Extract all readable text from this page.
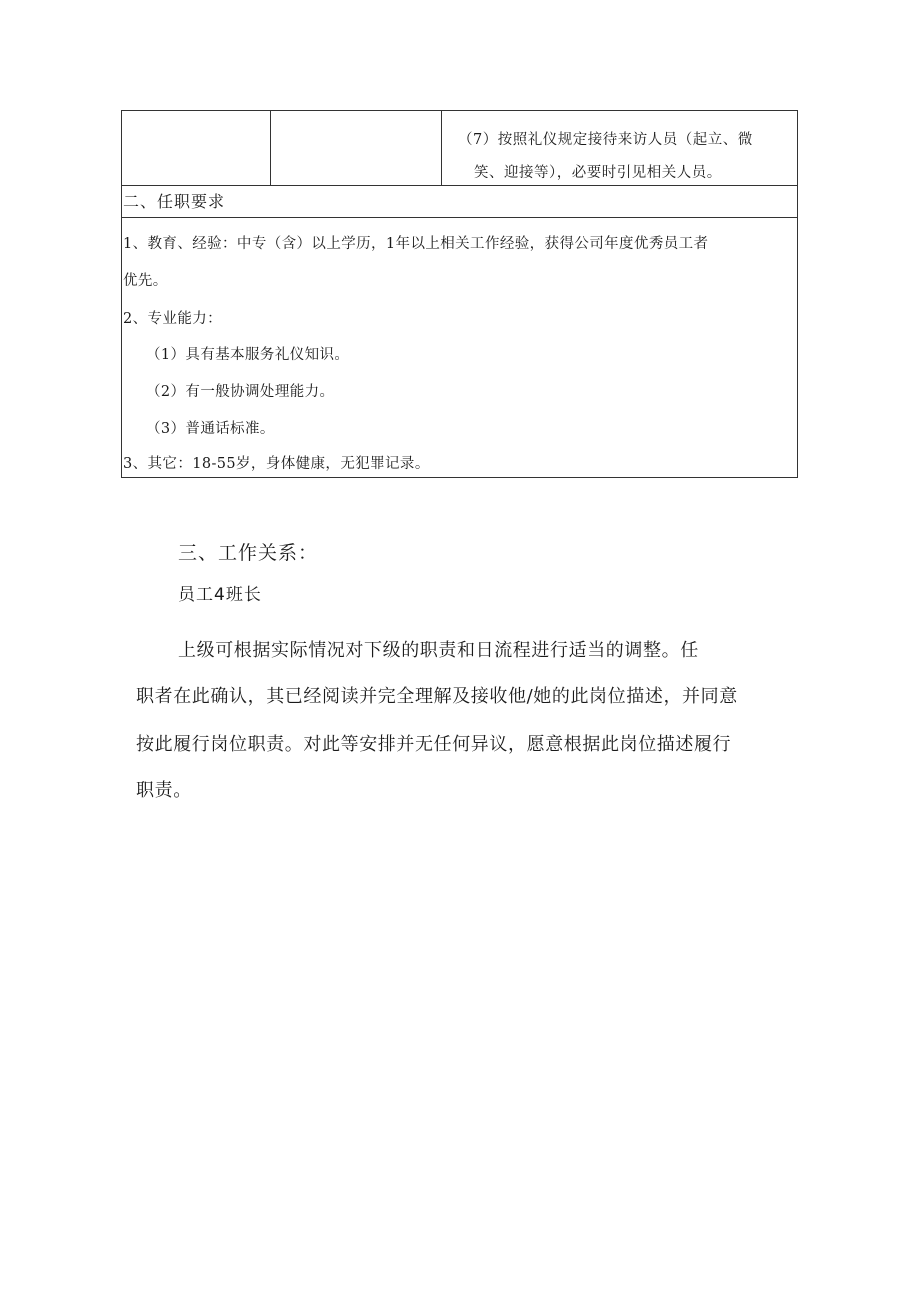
（7）按照礼仪规定接待来访人员（起立、微
笑、迎接等），必要时引见相关人员。
二、任职要求
1、教育、经验：中专（含）以上学历，1年以上相关工作经验，获得公司年度优秀员工者
优先。
2、专业能力：
（1）具有基本服务礼仪知识。
（2）有一般协调处理能力。
（3）普通话标准。
3、其它：18-55岁，身体健康，无犯罪记录。
三、工作关系：
员工4班长
上级可根据实际情况对下级的职责和日流程进行适当的调整。任
职者在此确认，其已经阅读并完全理解及接收他/她的此岗位描述，并同意
按此履行岗位职责。对此等安排并无任何异议，愿意根据此岗位描述履行
职责。
